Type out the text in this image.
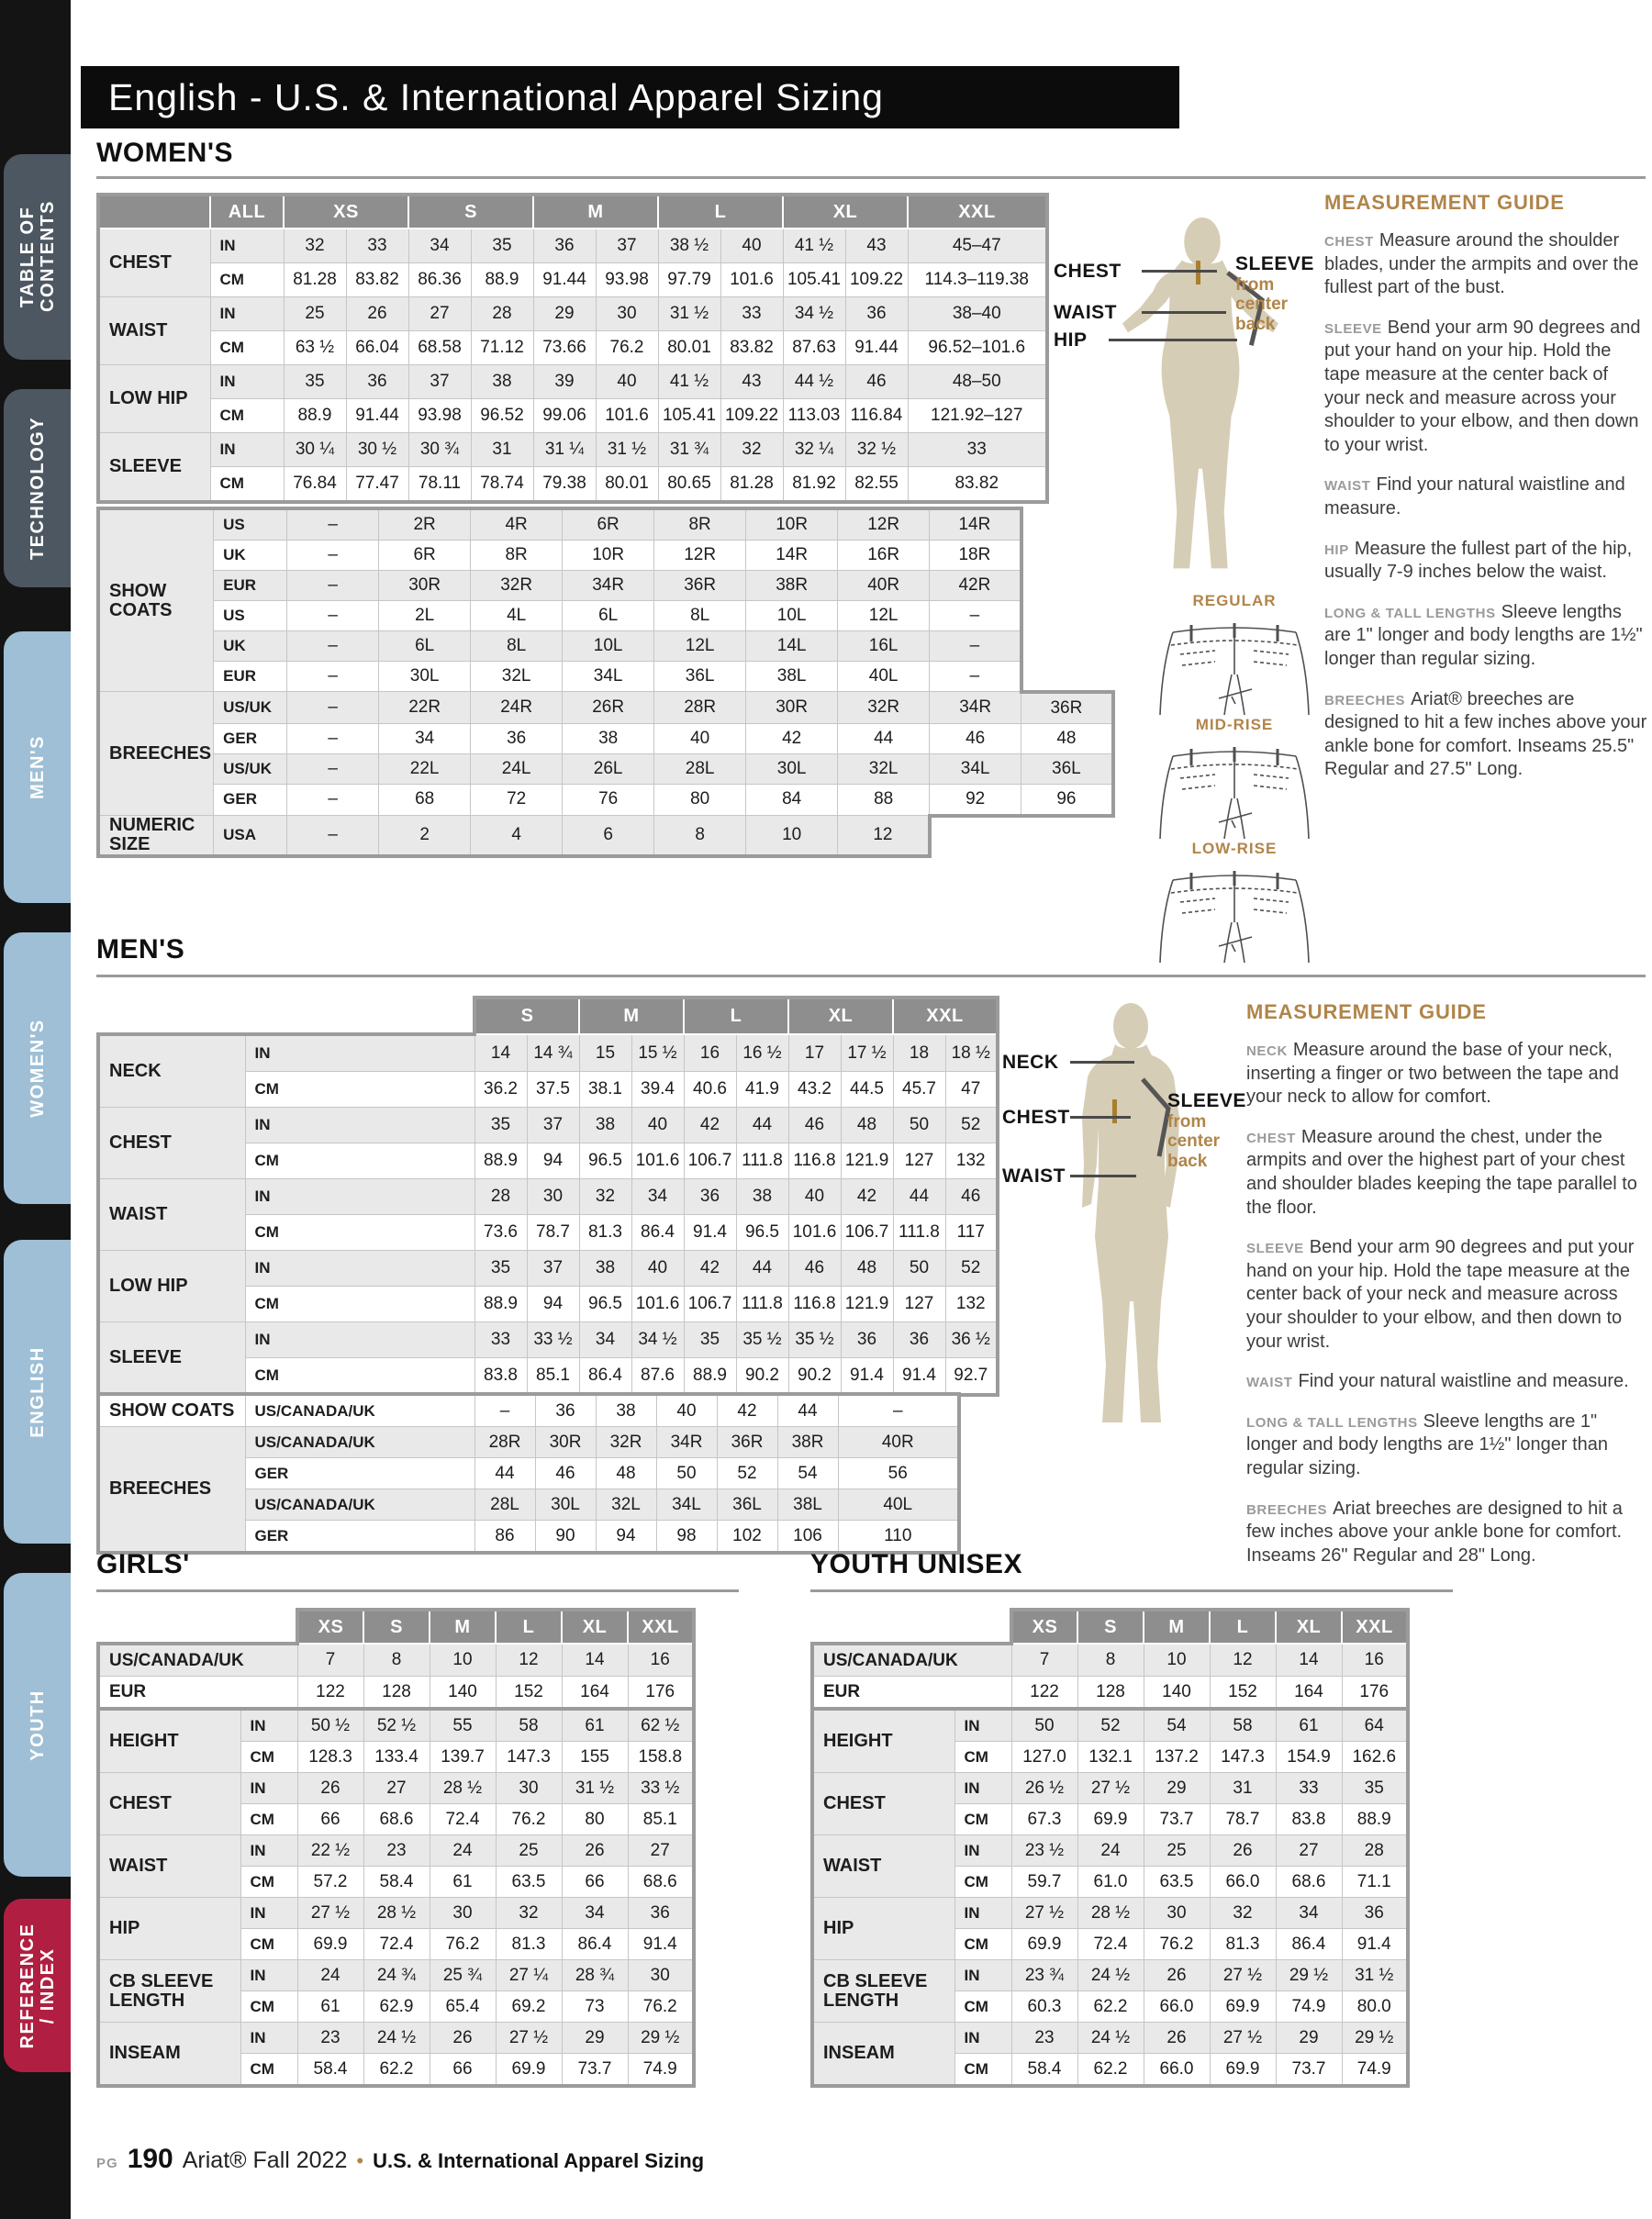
TABLE OF CONTENTS
TECHNOLOGY
MEN'S
WOMEN'S
ENGLISH
YOUTH
REFERENCE / INDEX
English - U.S. & International Apparel Sizing
WOMEN'S
	ALL	XS		S		M		L		XL		XXL
CHEST	IN	32	33	34	35	36	37	38 ½	40	41 ½	43	45–47
	CM	81.28	83.82	86.36	88.9	91.44	93.98	97.79	101.6	105.41	109.22	114.3–119.38
WAIST	IN	25	26	27	28	29	30	31 ½	33	34 ½	36	38–40
	CM	63 ½	66.04	68.58	71.12	73.66	76.2	80.01	83.82	87.63	91.44	96.52–101.6
LOW HIP	IN	35	36	37	38	39	40	41 ½	43	44 ½	46	48–50
	CM	88.9	91.44	93.98	96.52	99.06	101.6	105.41	109.22	113.03	116.84	121.92–127
SLEEVE	IN	30 ¼	30 ½	30 ¾	31	31 ¼	31 ½	31 ¾	32	32 ¼	32 ½	33
	CM	76.84	77.47	78.11	78.74	79.38	80.01	80.65	81.28	81.92	82.55	83.82
SHOW COATS	US	–	2R	4R	6R	8R	10R	12R	14R	
	UK	–	6R	8R	10R	12R	14R	16R	18R	
	EUR	–	30R	32R	34R	36R	38R	40R	42R	
	US	–	2L	4L	6L	8L	10L	12L	–	
	UK	–	6L	8L	10L	12L	14L	16L	–	
	EUR	–	30L	32L	34L	36L	38L	40L	–	
BREECHES	US/UK	–	22R	24R	26R	28R	30R	32R	34R	36R
	GER	–	34	36	38	40	42	44	46	48
	US/UK	–	22L	24L	26L	28L	30L	32L	34L	36L
	GER	–	68	72	76	80	84	88	92	96
NUMERIC SIZE	USA	–	2	4	6	8	10	12		
CHEST
WAIST
HIP
SLEEVE
from center back
REGULAR
MID-RISE
LOW-RISE

MEASUREMENT GUIDE

CHEST Measure around the shoulder blades, under the armpits and over the fullest part of the bust.

SLEEVE Bend your arm 90 degrees and put your hand on your hip. Hold the tape measure at the center back of your neck and measure across your shoulder to your elbow, and then down to your wrist.

WAIST Find your natural waistline and measure.

HIP Measure the fullest part of the hip, usually 7-9 inches below the waist.

LONG & TALL LENGTHS Sleeve lengths are 1" longer and body lengths are 1½" longer than regular sizing.

BREECHES Ariat® breeches are designed to hit a few inches above your ankle bone for comfort. Inseams 25.5" Regular and 27.5" Long.

MEN'S
		S		M		L		XL		XXL	
NECK	IN	14	14 ¾	15	15 ½	16	16 ½	17	17 ½	18	18 ½
	CM	36.2	37.5	38.1	39.4	40.6	41.9	43.2	44.5	45.7	47
CHEST	IN	35	37	38	40	42	44	46	48	50	52
	CM	88.9	94	96.5	101.6	106.7	111.8	116.8	121.9	127	132
WAIST	IN	28	30	32	34	36	38	40	42	44	46
	CM	73.6	78.7	81.3	86.4	91.4	96.5	101.6	106.7	111.8	117
LOW HIP	IN	35	37	38	40	42	44	46	48	50	52
	CM	88.9	94	96.5	101.6	106.7	111.8	116.8	121.9	127	132
SLEEVE	IN	33	33 ½	34	34 ½	35	35 ½	35 ½	36	36	36 ½
	CM	83.8	85.1	86.4	87.6	88.9	90.2	90.2	91.4	91.4	92.7
SHOW COATS	US/CANADA/UK	–	36	38	40	42	44	–
BREECHES	US/CANADA/UK	28R	30R	32R	34R	36R	38R	40R
	GER	44	46	48	50	52	54	56
	US/CANADA/UK	28L	30L	32L	34L	36L	38L	40L
	GER	86	90	94	98	102	106	110
NECK
CHEST
WAIST
SLEEVE
from center back

MEASUREMENT GUIDE

NECK Measure around the base of your neck, inserting a finger or two between the tape and your neck to allow for comfort.

CHEST Measure around the chest, under the armpits and over the highest part of your chest and shoulder blades keeping the tape parallel to the floor.

SLEEVE Bend your arm 90 degrees and put your hand on your hip. Hold the tape measure at the center back of your neck and measure across your shoulder to your elbow, and then down to your wrist.

WAIST Find your natural waistline and measure.

LONG & TALL LENGTHS Sleeve lengths are 1" longer and body lengths are 1½" longer than regular sizing.

BREECHES Ariat breeches are designed to hit a few inches above your ankle bone for comfort. Inseams 26" Regular and 28" Long.

GIRLS'
		XS	S	M	L	XL	XXL
US/CANADA/UK		7	8	10	12	14	16
EUR		122	128	140	152	164	176
HEIGHT	IN	50 ½	52 ½	55	58	61	62 ½
	CM	128.3	133.4	139.7	147.3	155	158.8
CHEST	IN	26	27	28 ½	30	31 ½	33 ½
	CM	66	68.6	72.4	76.2	80	85.1
WAIST	IN	22 ½	23	24	25	26	27
	CM	57.2	58.4	61	63.5	66	68.6
HIP	IN	27 ½	28 ½	30	32	34	36
	CM	69.9	72.4	76.2	81.3	86.4	91.4
CB SLEEVE LENGTH	IN	24	24 ¾	25 ¾	27 ¼	28 ¾	30
	CM	61	62.9	65.4	69.2	73	76.2
INSEAM	IN	23	24 ½	26	27 ½	29	29 ½
	CM	58.4	62.2	66	69.9	73.7	74.9
YOUTH UNISEX
		XS	S	M	L	XL	XXL
US/CANADA/UK		7	8	10	12	14	16
EUR		122	128	140	152	164	176
HEIGHT	IN	50	52	54	58	61	64
	CM	127.0	132.1	137.2	147.3	154.9	162.6
CHEST	IN	26 ½	27 ½	29	31	33	35
	CM	67.3	69.9	73.7	78.7	83.8	88.9
WAIST	IN	23 ½	24	25	26	27	28
	CM	59.7	61.0	63.5	66.0	68.6	71.1
HIP	IN	27 ½	28 ½	30	32	34	36
	CM	69.9	72.4	76.2	81.3	86.4	91.4
CB SLEEVE LENGTH	IN	23 ¾	24 ½	26	27 ½	29 ½	31 ½
	CM	60.3	62.2	66.0	69.9	74.9	80.0
INSEAM	IN	23	24 ½	26	27 ½	29	29 ½
	CM	58.4	62.2	66.0	69.9	73.7	74.9
PG 190 Ariat® Fall 2022 • U.S. & International Apparel Sizing
